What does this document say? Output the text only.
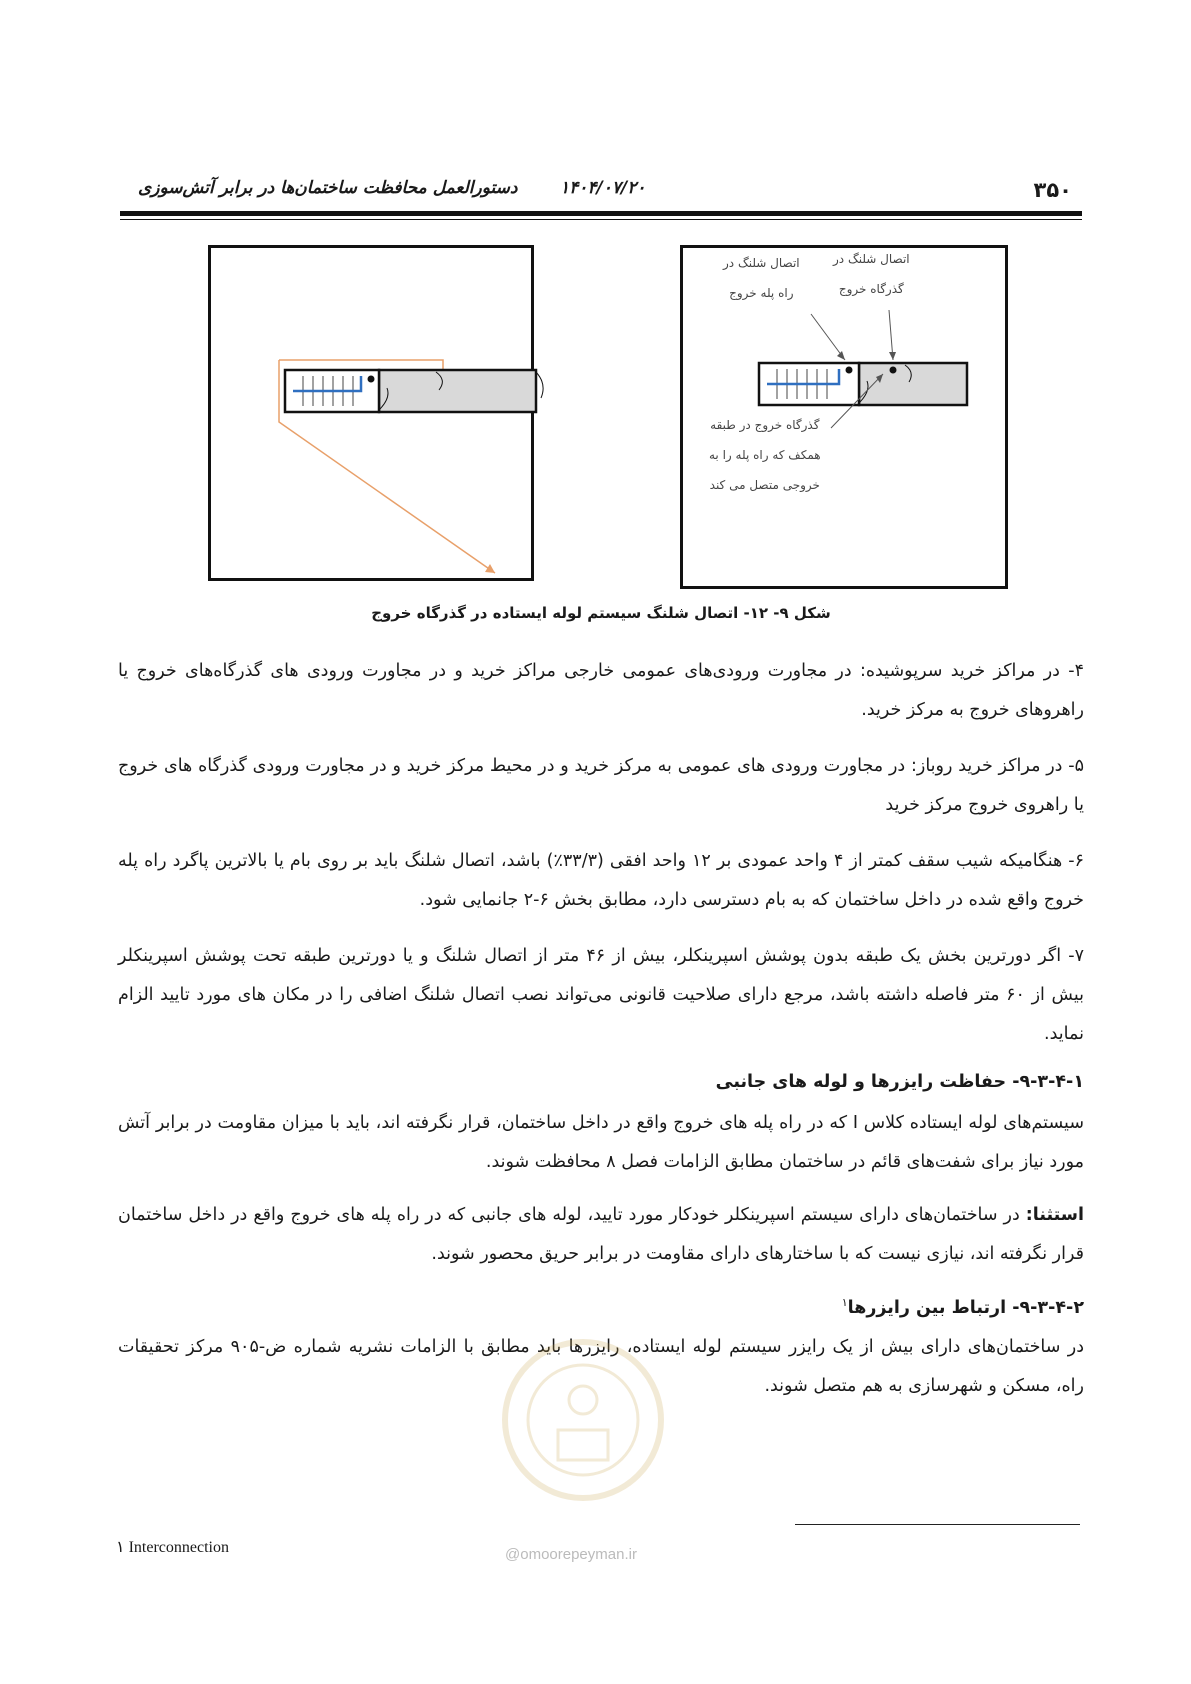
۳۵۰
۱۴۰۴/۰۷/۲۰
دستورالعمل محافظت ساختمان‌ها در برابر آتش‌سوزی
اتصال شلنگ در
راه پله خروج
اتصال شلنگ در
گذرگاه خروج
گذرگاه خروج در طبقه
همکف که راه پله را به
خروجی متصل می کند
شکل ۹- ۱۲- اتصال شلنگ سیستم لوله ایستاده در گذرگاه خروج

۴- در مراکز خرید سرپوشیده: در مجاورت ورودی‌های عمومی خارجی مراکز خرید و در مجاورت ورودی های گذرگاه‌های خروج یا راهروهای خروج به مرکز خرید.

۵- در مراکز خرید روباز: در مجاورت ورودی های عمومی به مرکز خرید و در محیط مرکز خرید و در مجاورت ورودی گذرگاه های خروج یا راهروی خروج مرکز خرید

۶- هنگامیکه شیب سقف کمتر از ۴ واحد عمودی بر ۱۲ واحد افقی (۳۳/۳٪) باشد، اتصال شلنگ باید بر روی بام یا بالاترین پاگرد راه پله خروج واقع شده در داخل ساختمان که به بام دسترسی دارد، مطابق بخش ۶-۲ جانمایی شود.

۷- اگر دورترین بخش یک طبقه بدون پوشش اسپرینکلر، بیش از ۴۶ متر از اتصال شلنگ و یا دورترین طبقه تحت پوشش اسپرینکلر بیش از ۶۰ متر فاصله داشته باشد، مرجع دارای صلاحیت قانونی می‌تواند نصب اتصال شلنگ اضافی را در مکان های مورد تایید الزام نماید.

۹-۳-۴-۱- حفاظت رایزرها و لوله های جانبی

سیستم‌های لوله ایستاده کلاس I که در راه پله های خروج واقع در داخل ساختمان، قرار نگرفته اند، باید با میزان مقاومت در برابر آتش مورد نیاز برای شفت‌های قائم در ساختمان مطابق الزامات فصل ۸ محافظت شوند.

استثنا: در ساختمان‌های دارای سیستم اسپرینکلر خودکار مورد تایید، لوله های جانبی که در راه پله های خروج واقع در داخل ساختمان قرار نگرفته اند، نیازی نیست که با ساختارهای دارای مقاومت در برابر حریق محصور شوند.

۹-۳-۴-۲- ارتباط بین رایزرها$^۱$

در ساختمان‌های دارای بیش از یک رایزر سیستم لوله ایستاده، رایزرها باید مطابق با الزامات نشریه شماره ض-۹۰۵ مرکز تحقیقات راه، مسکن و شهرسازی به هم متصل شوند.

@omoorepeyman.ir
۱ Interconnection
